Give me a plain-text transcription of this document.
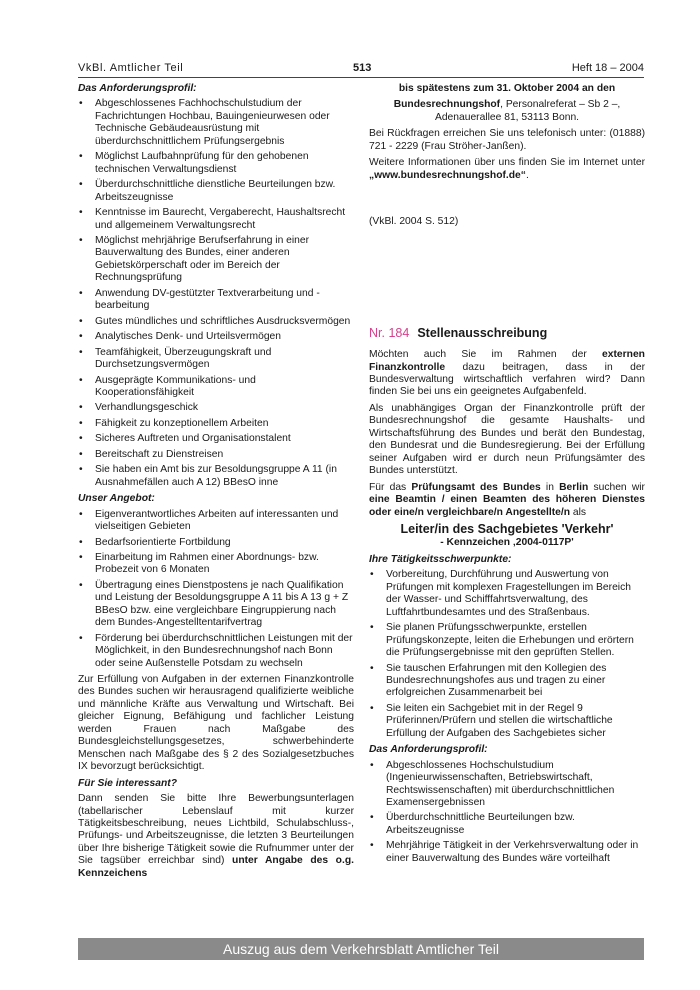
VkBl. Amtlicher Teil	513	Heft 18 – 2004
Das Anforderungsprofil:
• Abgeschlossenes Fachhochschulstudium der Fachrichtungen Hochbau, Bauingenieurwesen oder Technische Gebäudeausrüstung mit überdurchschnittlichem Prüfungsergebnis
• Möglichst Laufbahnprüfung für den gehobenen technischen Verwaltungsdienst
• Überdurchschnittliche dienstliche Beurteilungen bzw. Arbeitszeugnisse
• Kenntnisse im Baurecht, Vergaberecht, Haushaltsrecht und allgemeinem Verwaltungsrecht
• Möglichst mehrjährige Berufserfahrung in einer Bauverwaltung des Bundes, einer anderen Gebietskörperschaft oder im Bereich der Rechnungsprüfung
• Anwendung DV-gestützter Textverarbeitung und -bearbeitung
• Gutes mündliches und schriftliches Ausdrucksvermögen
• Analytisches Denk- und Urteilsvermögen
• Teamfähigkeit, Überzeugungskraft und Durchsetzungsvermögen
• Ausgeprägte Kommunikations- und Kooperationsfähigkeit
• Verhandlungsgeschick
• Fähigkeit zu konzeptionellem Arbeiten
• Sicheres Auftreten und Organisationstalent
• Bereitschaft zu Dienstreisen
• Sie haben ein Amt bis zur Besoldungsgruppe A 11 (in Ausnahmefällen auch A 12) BBesO inne
Unser Angebot:
• Eigenverantwortliches Arbeiten auf interessanten und vielseitigen Gebieten
• Bedarfsorientierte Fortbildung
• Einarbeitung im Rahmen einer Abordnungs- bzw. Probezeit von 6 Monaten
• Übertragung eines Dienstpostens je nach Qualifikation und Leistung der Besoldungsgruppe A 11 bis A 13 g + Z BBesO bzw. eine vergleichbare Eingruppierung nach dem Bundes-Angestelltentarifvertrag
• Förderung bei überdurchschnittlichen Leistungen mit der Möglichkeit, in den Bundesrechnungshof nach Bonn oder seine Außenstelle Potsdam zu wechseln

Zur Erfüllung von Aufgaben in der externen Finanzkontrolle des Bundes suchen wir herausragend qualifizierte weibliche und männliche Kräfte aus Verwaltung und Wirtschaft. Bei gleicher Eignung, Befähigung und fachlicher Leistung werden Frauen nach Maßgabe des Bundesgleichstellungsgesetzes, schwerbehinderte Menschen nach Maßgabe des § 2 des Sozialgesetzbuches IX bevorzugt berücksichtigt.

Für Sie interessant?

Dann senden Sie bitte Ihre Bewerbungsunterlagen (tabellarischer Lebenslauf mit kurzer Tätigkeitsbeschreibung, neues Lichtbild, Schulabschluss-, Prüfungs- und Arbeitszeugnisse, die letzten 3 Beurteilungen über Ihre bisherige Tätigkeit sowie die Rufnummer unter der Sie tagsüber erreichbar sind) unter Angabe des o.g. Kennzeichens

bis spätestens zum 31. Oktober 2004 an den

Bundesrechnungshof, Personalreferat – Sb 2 –,
Adenauerallee 81, 53113 Bonn.

Bei Rückfragen erreichen Sie uns telefonisch unter: (01888) 721 - 2229 (Frau Ströher-Janßen).

Weitere Informationen über uns finden Sie im Internet unter „www.bundesrechnungshof.de“.

(VkBl. 2004 S. 512)

Nr. 184 Stellenausschreibung

Möchten auch Sie im Rahmen der externen Finanzkontrolle dazu beitragen, dass in der Bundesverwaltung wirtschaftlich verfahren wird? Dann finden Sie bei uns ein geeignetes Aufgabenfeld.

Als unabhängiges Organ der Finanzkontrolle prüft der Bundesrechnungshof die gesamte Haushalts- und Wirtschaftsführung des Bundes und berät den Bundestag, den Bundesrat und die Bundesregierung. Bei der Erfüllung seiner Aufgaben wird er durch neun Prüfungsämter des Bundes unterstützt.

Für das Prüfungsamt des Bundes in Berlin suchen wir eine Beamtin / einen Beamten des höheren Dienstes oder eine/n vergleichbare/n Angestellte/n als

Leiter/in des Sachgebietes 'Verkehr'

- Kennzeichen ‚2004-0117P'

Ihre Tätigkeitsschwerpunkte:
• Vorbereitung, Durchführung und Auswertung von Prüfungen mit komplexen Fragestellungen im Bereich der Wasser- und Schifffahrtsverwaltung, des Luftfahrtbundesamtes und des Straßenbaus.
• Sie planen Prüfungsschwerpunkte, erstellen Prüfungskonzepte, leiten die Erhebungen und erörtern die Prüfungsergebnisse mit den geprüften Stellen.
• Sie tauschen Erfahrungen mit den Kollegien des Bundesrechnungshofes aus und tragen zu einer erfolgreichen Zusammenarbeit bei
• Sie leiten ein Sachgebiet mit in der Regel 9 Prüferinnen/Prüfern und stellen die wirtschaftliche Erfüllung der Aufgaben des Sachgebietes sicher
Das Anforderungsprofil:
• Abgeschlossenes Hochschulstudium (Ingenieurwissenschaften, Betriebswirtschaft, Rechtswissenschaften) mit überdurchschnittlichen Examensergebnissen
• Überdurchschnittliche Beurteilungen bzw. Arbeitszeugnisse
• Mehrjährige Tätigkeit in der Verkehrsverwaltung oder in einer Bauverwaltung des Bundes wäre vorteilhaft
Auszug aus dem Verkehrsblatt Amtlicher Teil
